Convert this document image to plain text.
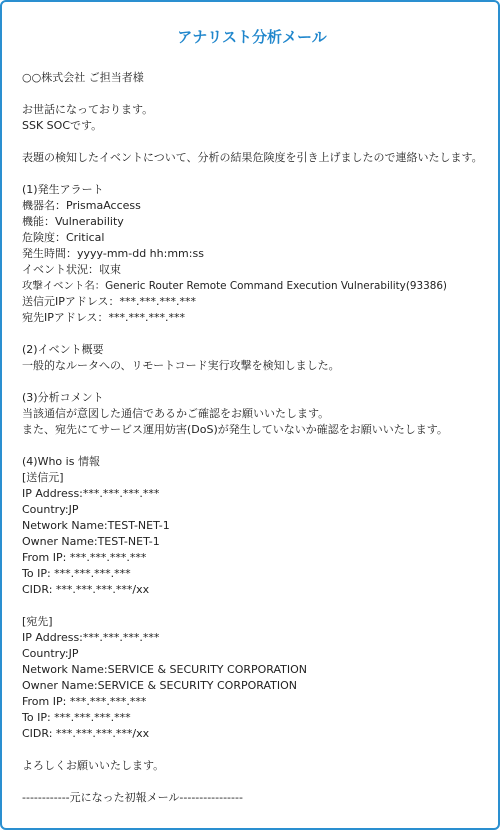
アナリスト分析メール
○○株式会社 ご担当者様
お世話になっております。
SSK SOCです。
表題の検知したイベントについて、分析の結果危険度を引き上げましたので連絡いたします。
(1)発生アラート
機器名：PrismaAccess
機能：Vulnerability
危険度：Critical
発生時間：yyyy-mm-dd hh:mm:ss
イベント状況：収束
攻撃イベント名：Generic Router Remote Command Execution Vulnerability(93386)
送信元IPアドレス：***.***.***.***
宛先IPアドレス：***.***.***.***
(2)イベント概要
一般的なルータへの、リモートコード実行攻撃を検知しました。
(3)分析コメント
当該通信が意図した通信であるかご確認をお願いいたします。
また、宛先にてサービス運用妨害(DoS)が発生していないか確認をお願いいたします。
(4)Who is 情報
[送信元]
IP Address:***.***.***.***
Country:JP
Network Name:TEST-NET-1
Owner Name:TEST-NET-1
From IP: ***.***.***.***
To IP: ***.***.***.***
CIDR: ***.***.***.***/xx
[宛先]
IP Address:***.***.***.***
Country:JP
Network Name:SERVICE & SECURITY CORPORATION
Owner Name:SERVICE & SECURITY CORPORATION
From IP: ***.***.***.***
To IP: ***.***.***.***
CIDR: ***.***.***.***/xx
よろしくお願いいたします。
------------元になった初報メール----------------
